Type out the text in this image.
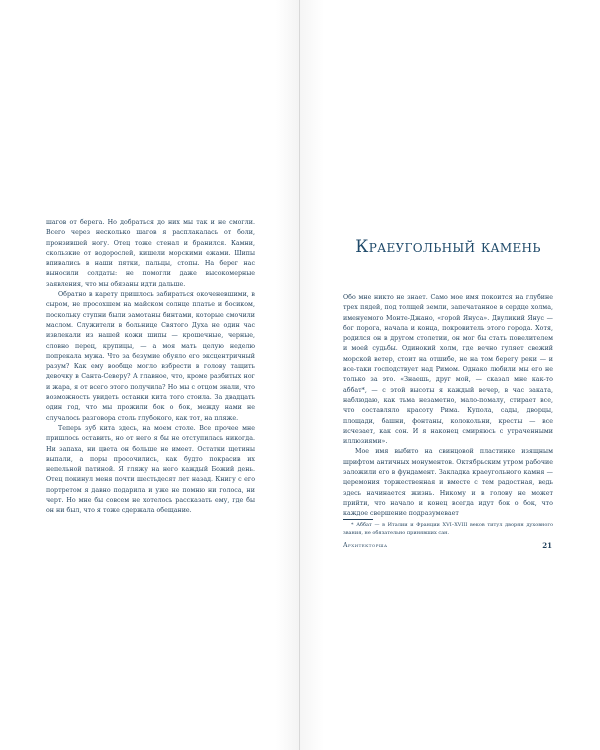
шагов от берега. Но добраться до них мы так и не смогли. Всего через несколько шагов я расплакалась от боли, пронзившей ногу. Отец тоже стенал и бранился. Камни, скользкие от водорослей, кишели морскими ежами. Шипы впивались в наши пятки, пальцы, стопы. На берег нас выносили солдаты: не помогли даже высокомерные заявления, что мы обязаны идти дальше.

Обратно в карету пришлось забираться окоченевшими, в сыром, не просохшем на майском солнце платье и босиком, поскольку ступни были замотаны бинтами, которые смочили маслом. Служители в больнице Святого Духа не один час извлекали из нашей кожи шипы — крошечные, черные, словно перец, крупицы, — а моя мать целую неделю попрекала мужа. Что за безумие обуяло его эксцентричный разум? Как ему вообще могло взбрести в голову тащить девочку в Санта-Северу? А главное, что, кроме разбитых ног и жара, я от всего этого получила? Но мы с отцом знали, что возможность увидеть останки кита того стоила. За двадцать один год, что мы прожили бок о бок, между нами не случалось разговора столь глубокого, как тот, на пляже.

Теперь зуб кита здесь, на моем столе. Все прочее мне пришлось оставить, но от него я бы не отступилась никогда. Ни запаха, ни цвета он больше не имеет. Остатки щетины выпали, а поры просочились, как будто покрасив их непельной патиной. Я гляжу на него каждый Божий день. Отец покинул меня почти шестьдесят лет назад. Книгу с его портретом я давно подарила и уже не помню ни голоса, ни черт. Но мне бы совсем не хотелось рассказать ему, где бы он ни был, что я тоже сдержала обещание.

Краеугольный камень

Обо мне никто не знает. Само мое имя покоится на глубине трех пядей, под толщей земли, запечатанное в сердце холма, именуемого Монте-Джано, «горой Януса». Двуликий Янус — бог порога, начала и конца, покровитель этого города. Хотя, родился он в другом столетии, он мог бы стать повелителем и моей судьбы. Одинокий холм, где вечно гуляет свежий морской ветер, стоит на отшибе, не на том берегу реки — и все-таки господствует над Римом. Однако любили мы его не только за это. «Знаешь, друг мой, — сказал мне как-то аббат*, — с этой высоты я каждый вечер, в час заката, наблюдаю, как тьма незаметно, мало-помалу, стирает все, что составляло красоту Рима. Купола, сады, дворцы, площади, башни, фонтаны, колокольни, кресты — все исчезает, как сон. И я наконец смиряюсь с утраченными иллюзиями».

Мое имя выбито на свинцовой пластинке изящным шрифтом античных монументов. Октябрьским утром рабочие заложили его в фундамент. Закладка краеугольного камня — церемония торжественная и вместе с тем радостная, ведь здесь начинается жизнь. Никому и в голову не может прийти, что начало и конец всегда идут бок о бок, что каждое свершение подразумевает

* Аббат — в Италии и Франции XVI–XVIII веков титул дворян духовного звания, не обязательно принявших сан.

Архитекторша	21
